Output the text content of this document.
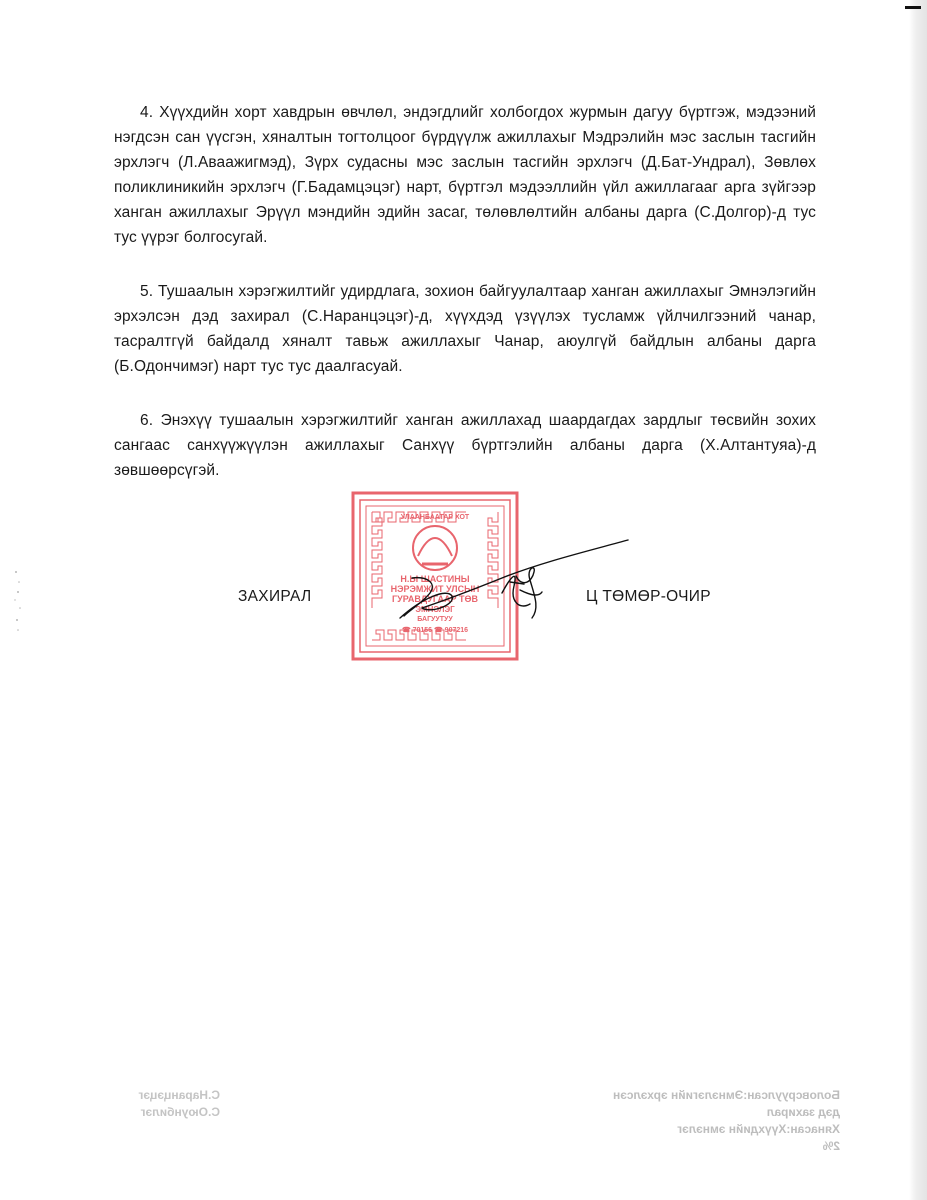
4. Хүүхдийн хорт хавдрын өвчлөл, эндэгдлийг холбогдох журмын дагуу бүртгэж, мэдээний нэгдсэн сан үүсгэн, хяналтын тогтолцоог бүрдүүлж ажиллахыг Мэдрэлийн мэс заслын тасгийн эрхлэгч (Л.Аваажигмэд), Зүрх судасны мэс заслын тасгийн эрхлэгч (Д.Бат-Ундрал), Зөвлөх поликлиникийн эрхлэгч (Г.Бадамцэцэг) нарт, бүртгэл мэдээллийн үйл ажиллагааг арга зүйгээр ханган ажиллахыг Эрүүл мэндийн эдийн засаг, төлөвлөлтийн албаны дарга (С.Долгор)-д тус тус үүрэг болгосугай.

5. Тушаалын хэрэгжилтийг удирдлага, зохион байгуулалтаар ханган ажиллахыг Эмнэлэгийн эрхэлсэн дэд захирал (С.Наранцэцэг)-д, хүүхдэд үзүүлэх тусламж үйлчилгээний чанар, тасралтгүй байдалд хяналт тавьж ажиллахыг Чанар, аюулгүй байдлын албаны дарга (Б.Одончимэг) нарт тус тус даалгасуай.

6. Энэхүү тушаалын хэрэгжилтийг ханган ажиллахад шаардагдах зардлыг төсвийн зохих сангаас санхүүжүүлэн ажиллахыг Санхүү бүртгэлийн албаны дарга (Х.Алтантуяа)-д зөвшөөрсүгэй.

УЛААНБААТАР ХОТ
Н.Ы ШАСТИНЫ
НЭРЭМЖИТ УЛСЫН
ГУРАВДУГААР ТӨВ
ЭМНЭЛЭГ
БАГУУТУУ
☎ 70156 ☎ 907216
ЗАХИРАЛ	Ц ТӨМӨР-ОЧИР
Боловсруулсан:Эмнэлэгийн эрхэлсэн дэд захирал
Хянасан:Хүүхдийн эмнэлэг
2%
С.Наранцэцэг
С.Оюунбилэг
